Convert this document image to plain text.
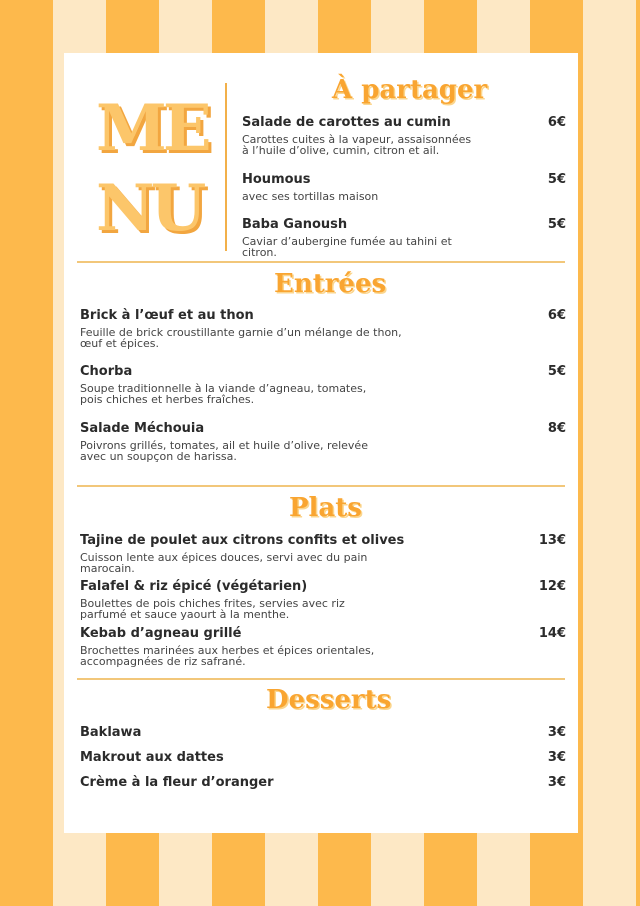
ME
NU
À partager
Salade de carottes au cumin
Carottes cuites à la vapeur, assaisonnées à l’huile d’olive, cumin, citron et ail.
6€
Houmous
avec ses tortillas maison
5€
Baba Ganoush
Caviar d’aubergine fumée au tahini et citron.
5€
Entrées
Brick à l’œuf et au thon
Feuille de brick croustillante garnie d’un mélange de thon, œuf et épices.
6€
Chorba
Soupe traditionnelle à la viande d’agneau, tomates, pois chiches et herbes fraîches.
5€
Salade Méchouia
Poivrons grillés, tomates, ail et huile d’olive, relevée avec un soupçon de harissa.
8€
Plats
Tajine de poulet aux citrons confits et olives
Cuisson lente aux épices douces, servi avec du pain marocain.
13€
Falafel & riz épicé (végétarien)
Boulettes de pois chiches frites, servies avec riz parfumé et sauce yaourt à la menthe.
12€
Kebab d’agneau grillé
Brochettes marinées aux herbes et épices orientales, accompagnées de riz safrané.
14€
Desserts
Baklawa	3€
Makrout aux dattes	3€
Crème à la fleur d’oranger	3€
